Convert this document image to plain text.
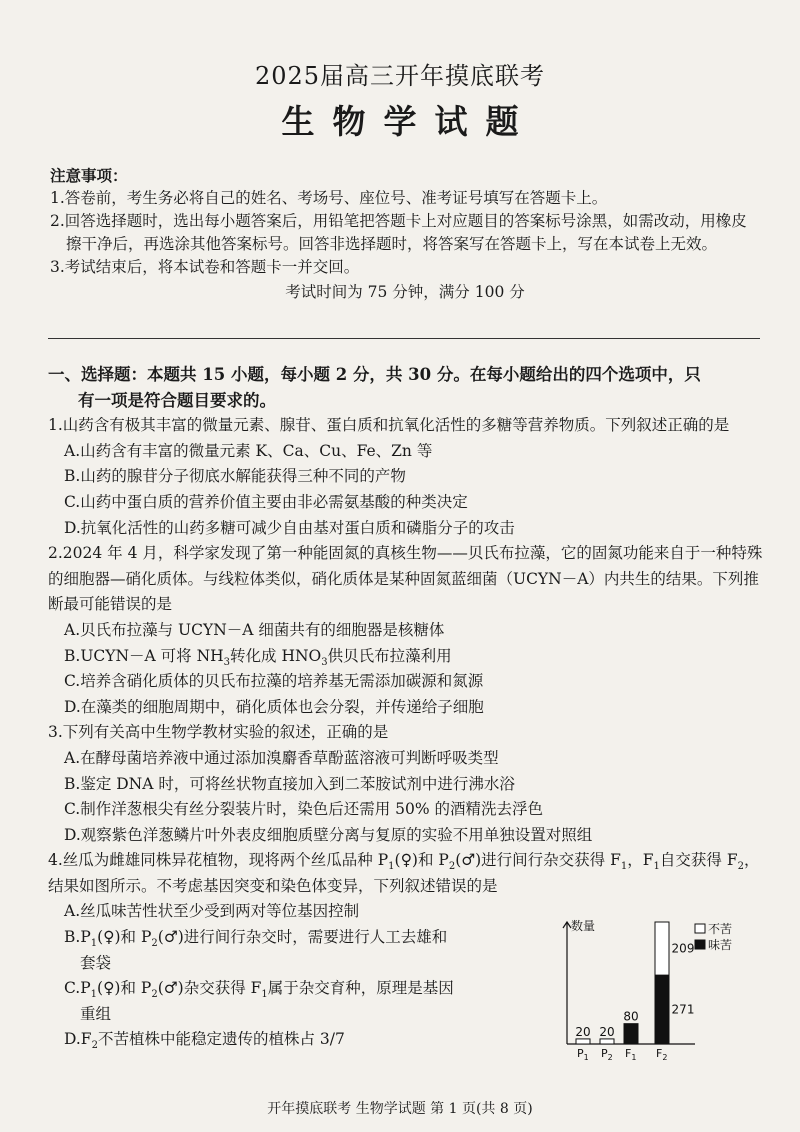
2025届高三开年摸底联考
生物学试题
注意事项：
1.答卷前，考生务必将自己的姓名、考场号、座位号、准考证号填写在答题卡上。
2.回答选择题时，选出每小题答案后，用铅笔把答题卡上对应题目的答案标号涂黑，如需改动，用橡皮擦干净后，再选涂其他答案标号。回答非选择题时，将答案写在答题卡上，写在本试卷上无效。
3.考试结束后，将本试卷和答题卡一并交回。
考试时间为 75 分钟，满分 100 分
一、选择题：本题共 15 小题，每小题 2 分，共 30 分。在每小题给出的四个选项中，只
有一项是符合题目要求的。
1.山药含有极其丰富的微量元素、腺苷、蛋白质和抗氧化活性的多糖等营养物质。下列叙述正确的是
A.山药含有丰富的微量元素 K、Ca、Cu、Fe、Zn 等
B.山药的腺苷分子彻底水解能获得三种不同的产物
C.山药中蛋白质的营养价值主要由非必需氨基酸的种类决定
D.抗氧化活性的山药多糖可减少自由基对蛋白质和磷脂分子的攻击
2.2024 年 4 月，科学家发现了第一种能固氮的真核生物——贝氏布拉藻，它的固氮功能来自于一种特殊的细胞器—硝化质体。与线粒体类似，硝化质体是某种固氮蓝细菌（UCYN－A）内共生的结果。下列推断最可能错误的是
A.贝氏布拉藻与 UCYN－A 细菌共有的细胞器是核糖体
B.UCYN－A 可将 $NH_3$转化成 $HNO_3$供贝氏布拉藻利用
C.培养含硝化质体的贝氏布拉藻的培养基无需添加碳源和氮源
D.在藻类的细胞周期中，硝化质体也会分裂，并传递给子细胞
3.下列有关高中生物学教材实验的叙述，正确的是
A.在酵母菌培养液中通过添加溴麝香草酚蓝溶液可判断呼吸类型
B.鉴定 DNA 时，可将丝状物直接加入到二苯胺试剂中进行沸水浴
C.制作洋葱根尖有丝分裂装片时，染色后还需用 50% 的酒精洗去浮色
D.观察紫色洋葱鳞片叶外表皮细胞质壁分离与复原的实验不用单独设置对照组
4.丝瓜为雌雄同株异花植物，现将两个丝瓜品种 $P_1(♀)$和 $P_2(♂)$进行间行杂交获得 $F_1$，$F_1$自交获得 $F_2$，结果如图所示。不考虑基因突变和染色体变异，下列叙述错误的是
A.丝瓜味苦性状至少受到两对等位基因控制
$B.P_1(♀)$和 $P_2(♂)$进行间行杂交时，需要进行人工去雄和
套袋
$C.P_1(♀)$和 $P_2(♂)$杂交获得 $F_1$属于杂交育种，原理是基因
重组
$D.F_2$不苦植株中能稳定遗传的植株占 3/7
数量
$P_1$ $P_2$ $F_1$ $F_2$
20 20
80
271
209
不苦
味苦
开年摸底联考 生物学试题 第 1 页(共 8 页)
